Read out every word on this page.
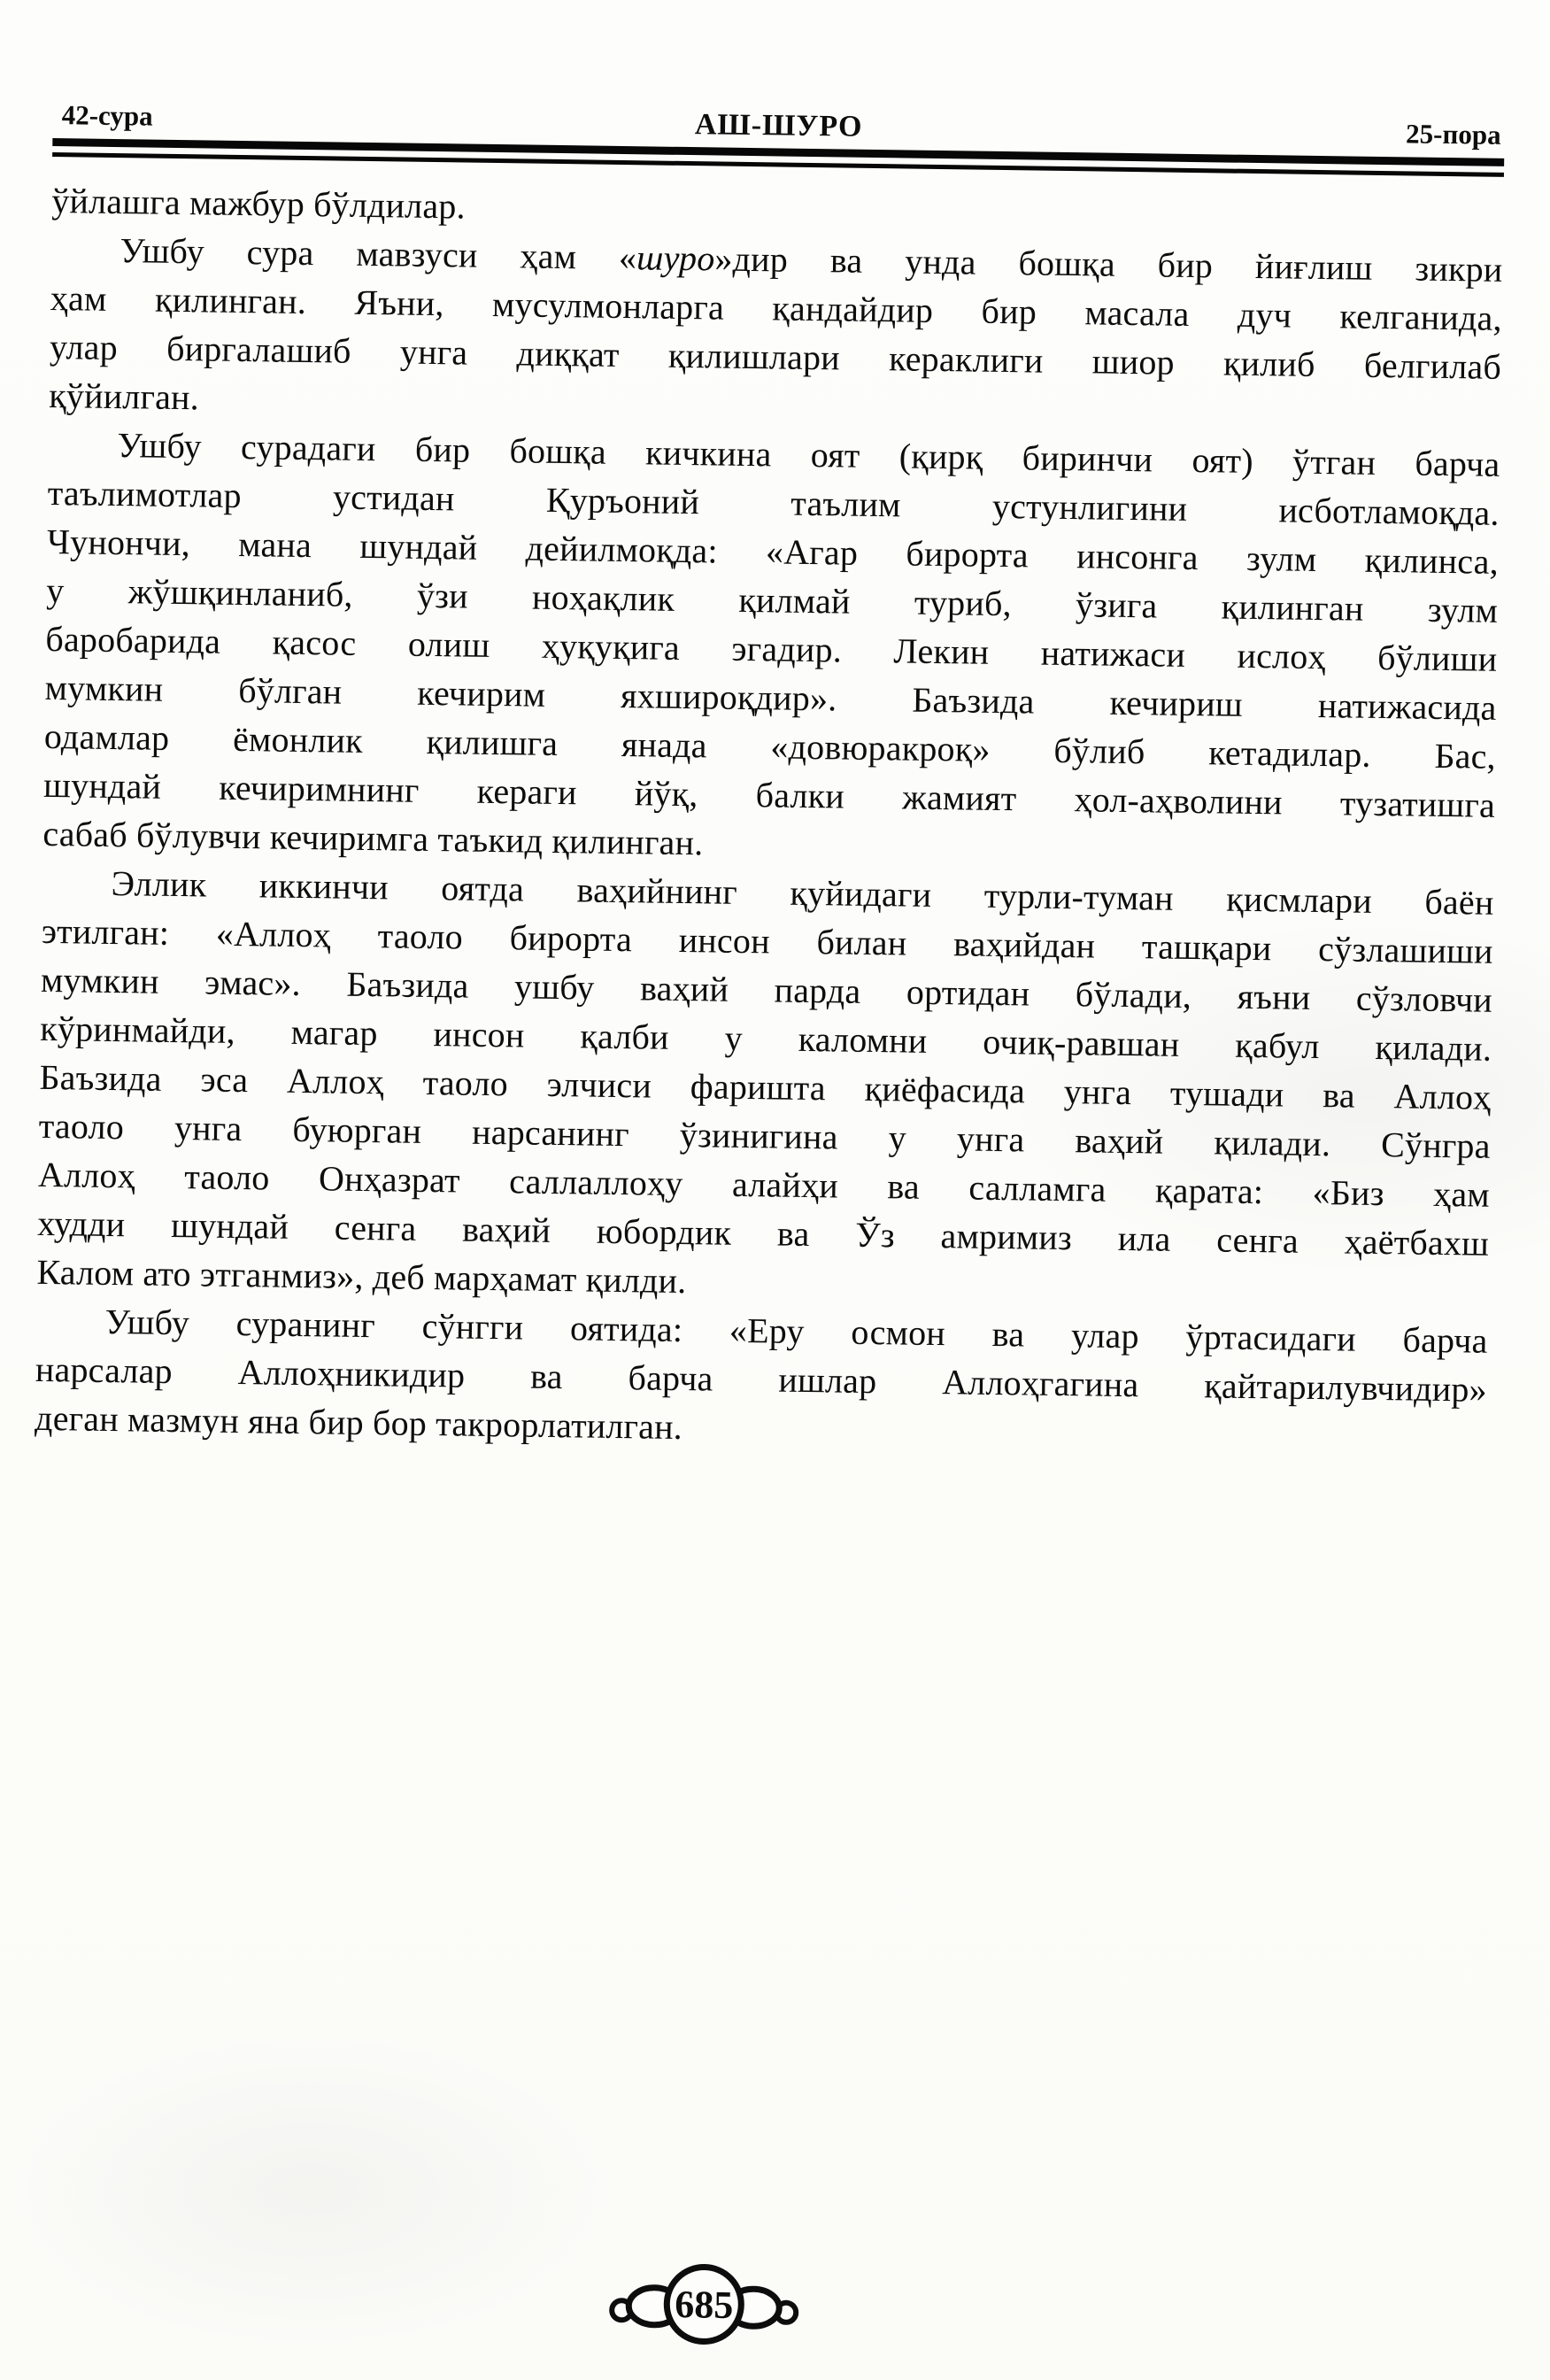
42-сура	АШ-ШУРО	25-пора
ўйлашга мажбур бўлдилар.
Ушбу сура мавзуси ҳам «шуро»дир ва унда бошқа бир йиғлиш зикри
ҳам қилинган. Яъни, мусулмонларга қандайдир бир масала дуч келганида,
улар биргалашиб унга диққат қилишлари кераклиги шиор қилиб белгилаб
қўйилган.
Ушбу сурадаги бир бошқа кичкина оят (қирқ биринчи оят) ўтган барча
таълимотлар устидан Қуръоний таълим устунлигини исботламоқда.
Чунончи, мана шундай дейилмоқда: «Агар бирорта инсонга зулм қилинса,
у жўшқинланиб, ўзи ноҳақлик қилмай туриб, ўзига қилинган зулм
баробарида қасос олиш ҳуқуқига эгадир. Лекин натижаси ислоҳ бўлиши
мумкин бўлган кечирим яхшироқдир». Баъзида кечириш натижасида
одамлар ёмонлик қилишга янада «довюракроқ» бўлиб кетадилар. Бас,
шундай кечиримнинг кераги йўқ, балки жамият ҳол-аҳволини тузатишга
сабаб бўлувчи кечиримга таъкид қилинган.
Эллик иккинчи оятда ваҳийнинг қуйидаги турли-туман қисмлари баён
этилган: «Аллоҳ таоло бирорта инсон билан ваҳийдан ташқари сўзлашиши
мумкин эмас». Баъзида ушбу ваҳий парда ортидан бўлади, яъни сўзловчи
кўринмайди, магар инсон қалби у каломни очиқ-равшан қабул қилади.
Баъзида эса Аллоҳ таоло элчиси фаришта қиёфасида унга тушади ва Аллоҳ
таоло унга буюрган нарсанинг ўзинигина у унга ваҳий қилади. Сўнгра
Аллоҳ таоло Онҳазрат саллаллоҳу алайҳи ва салламга қарата: «Биз ҳам
худди шундай сенга ваҳий юбордик ва Ўз амримиз ила сенга ҳаётбахш
Калом ато этганмиз», деб марҳамат қилди.
Ушбу суранинг сўнгги оятида: «Еру осмон ва улар ўртасидаги барча
нарсалар Аллоҳникидир ва барча ишлар Аллоҳгагина қайтарилувчидир»
деган мазмун яна бир бор такрорлатилган.
685
